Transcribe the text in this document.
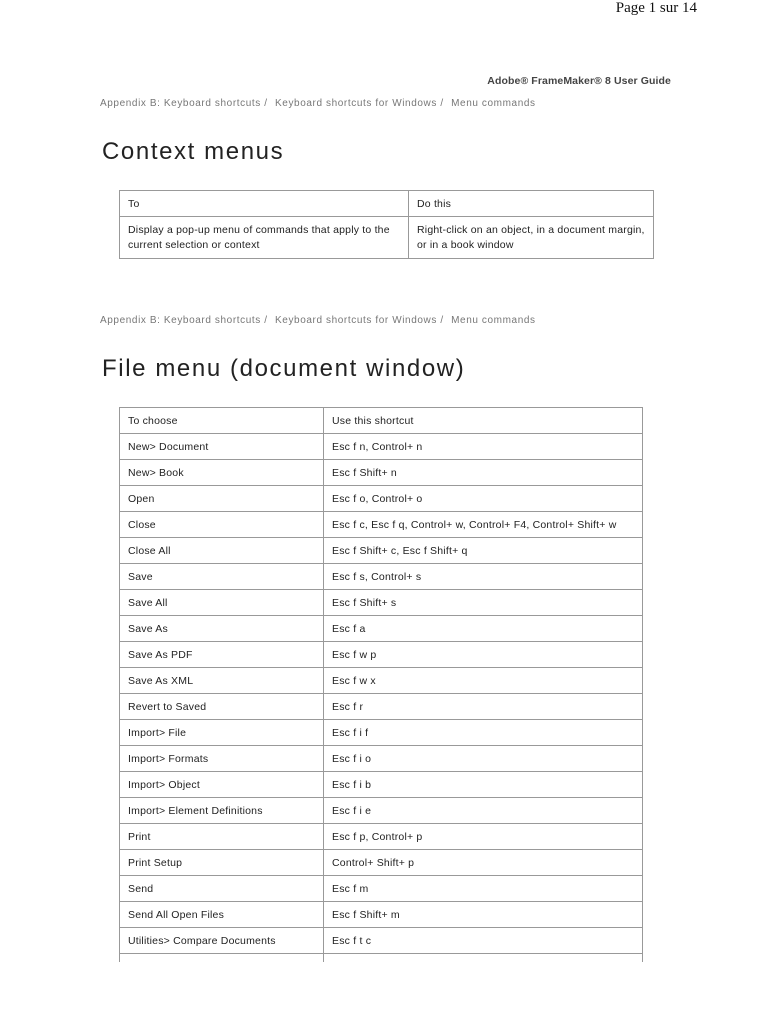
Page 1 sur 14
Adobe® FrameMaker® 8 User Guide
Appendix B: Keyboard shortcuts / Keyboard shortcuts for Windows / Menu commands
Context menus
To	Do this
Display a pop-up menu of commands that apply to the current selection or context	Right-click on an object, in a document margin, or in a book window
Appendix B: Keyboard shortcuts / Keyboard shortcuts for Windows / Menu commands
File menu (document window)
To choose	Use this shortcut
New> Document	Esc f n, Control+ n
New> Book	Esc f Shift+ n
Open	Esc f o, Control+ o
Close	Esc f c, Esc f q, Control+ w, Control+ F4, Control+ Shift+ w
Close All	Esc f Shift+ c, Esc f Shift+ q
Save	Esc f s, Control+ s
Save All	Esc f Shift+ s
Save As	Esc f a
Save As PDF	Esc f w p
Save As XML	Esc f w x
Revert to Saved	Esc f r
Import> File	Esc f i f
Import> Formats	Esc f i o
Import> Object	Esc f i b
Import> Element Definitions	Esc f i e
Print	Esc f p, Control+ p
Print Setup	Control+ Shift+ p
Send	Esc f m
Send All Open Files	Esc f Shift+ m
Utilities> Compare Documents	Esc f t c
